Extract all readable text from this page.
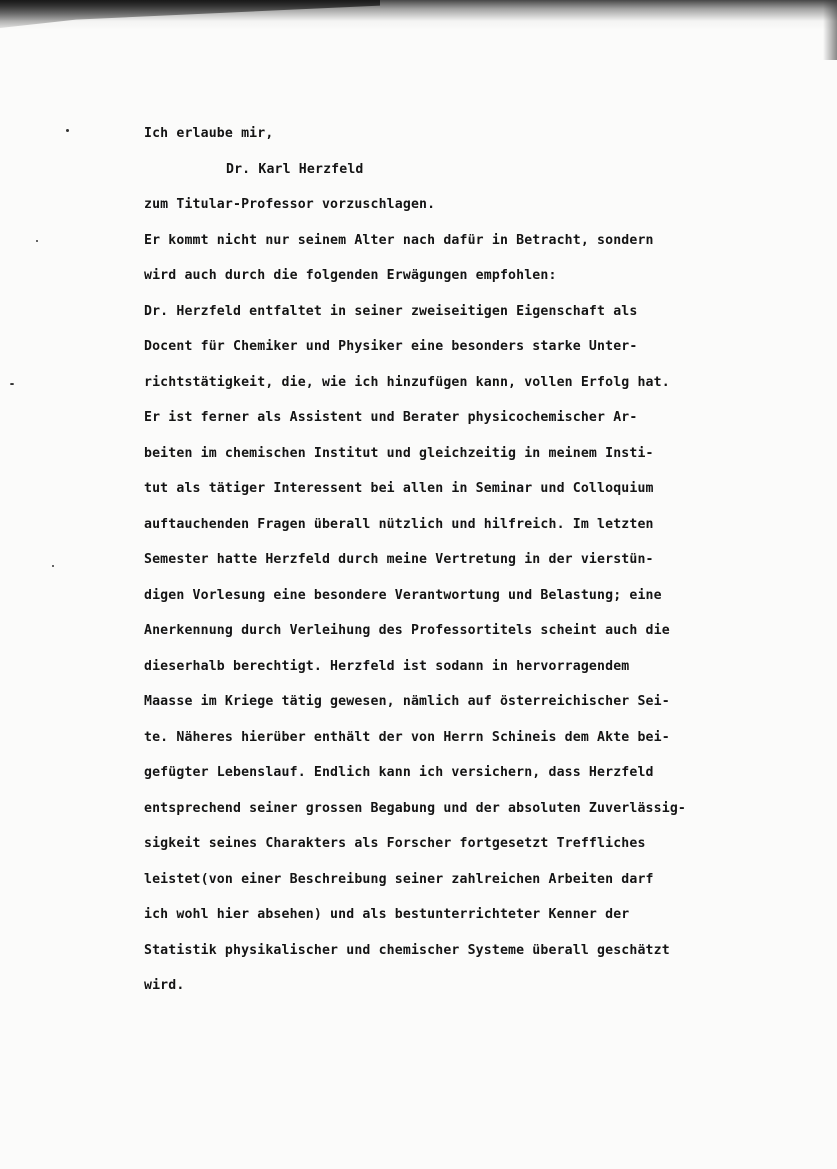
Ich erlaube mir,
Dr. Karl Herzfeld
zum Titular-Professor vorzuschlagen.
Er kommt nicht nur seinem Alter nach dafür in Betracht, sondern
wird auch durch die folgenden Erwägungen empfohlen:
Dr. Herzfeld entfaltet in seiner zweiseitigen Eigenschaft als
Docent für Chemiker und Physiker eine besonders starke Unter-
richtstätigkeit, die, wie ich hinzufügen kann, vollen Erfolg hat.
Er ist ferner als Assistent und Berater physicochemischer Ar-
beiten im chemischen Institut und gleichzeitig in meinem Insti-
tut als tätiger Interessent bei allen in Seminar und Colloquium
auftauchenden Fragen überall nützlich und hilfreich. Im letzten
Semester hatte Herzfeld durch meine Vertretung in der vierstün-
digen Vorlesung eine besondere Verantwortung und Belastung; eine
Anerkennung durch Verleihung des Professortitels scheint auch die
dieserhalb berechtigt. Herzfeld ist sodann in hervorragendem
Maasse im Kriege tätig gewesen, nämlich auf österreichischer Sei-
te. Näheres hierüber enthält der von Herrn Schineis dem Akte bei-
gefügter Lebenslauf. Endlich kann ich versichern, dass Herzfeld
entsprechend seiner grossen Begabung und der absoluten Zuverlässig-
sigkeit seines Charakters als Forscher fortgesetzt Treffliches
leistet(von einer Beschreibung seiner zahlreichen Arbeiten darf
ich wohl hier absehen) und als bestunterrichteter Kenner der
Statistik physikalischer und chemischer Systeme überall geschätzt
wird.
